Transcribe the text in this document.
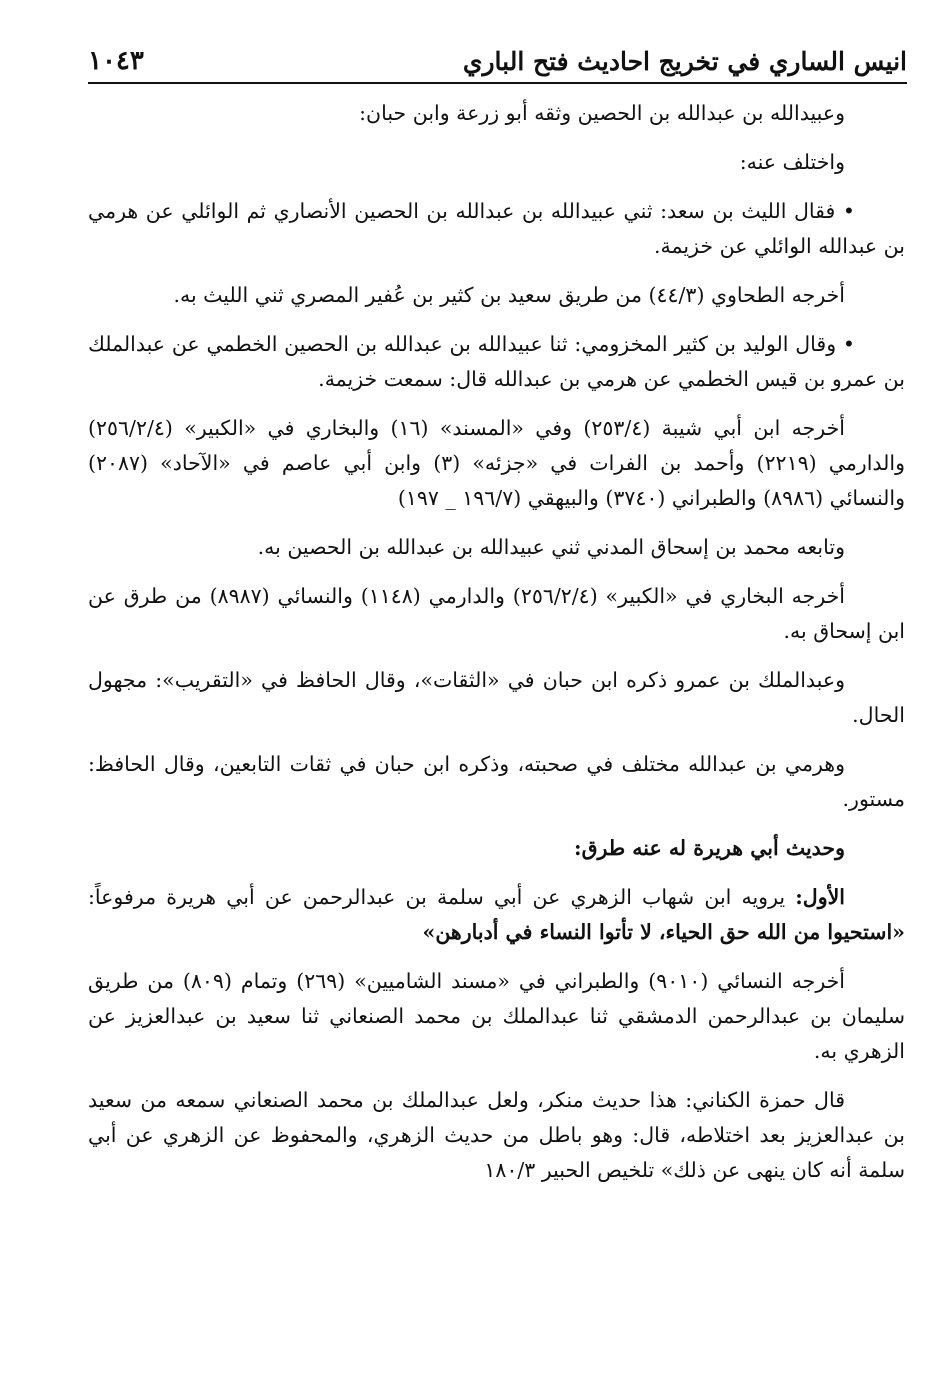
انيس الساري في تخريج احاديث فتح الباري
١٠٤٣

وعبيدالله بن عبدالله بن الحصين وثقه أبو زرعة وابن حبان:

واختلف عنه:

• فقال الليث بن سعد: ثني عبيدالله بن عبدالله بن الحصين الأنصاري ثم الوائلي عن هرمي بن عبدالله الوائلي عن خزيمة.

أخرجه الطحاوي (٤٤/٣) من طريق سعيد بن كثير بن عُفير المصري ثني الليث به.

• وقال الوليد بن كثير المخزومي: ثنا عبيدالله بن عبدالله بن الحصين الخطمي عن عبدالملك بن عمرو بن قيس الخطمي عن هرمي بن عبدالله قال: سمعت خزيمة.

أخرجه ابن أبي شيبة (٢٥٣/٤) وفي «المسند» (١٦) والبخاري في «الكبير» (٢٥٦/٢/٤) والدارمي (٢٢١٩) وأحمد بن الفرات في «جزئه» (٣) وابن أبي عاصم في «الآحاد» (٢٠٨٧) والنسائي (٨٩٨٦) والطبراني (٣٧٤٠) والبيهقي (١٩٦/٧ _ ١٩٧)

وتابعه محمد بن إسحاق المدني ثني عبيدالله بن عبدالله بن الحصين به.

أخرجه البخاري في «الكبير» (٢٥٦/٢/٤) والدارمي (١١٤٨) والنسائي (٨٩٨٧) من طرق عن ابن إسحاق به.

وعبدالملك بن عمرو ذكره ابن حبان في «الثقات»، وقال الحافظ في «التقريب»: مجهول الحال.

وهرمي بن عبدالله مختلف في صحبته، وذكره ابن حبان في ثقات التابعين، وقال الحافظ: مستور.

وحديث أبي هريرة له عنه طرق:

الأول: يرويه ابن شهاب الزهري عن أبي سلمة بن عبدالرحمن عن أبي هريرة مرفوعاً: «استحيوا من الله حق الحياء، لا تأتوا النساء في أدبارهن»

أخرجه النسائي (٩٠١٠) والطبراني في «مسند الشاميين» (٢٦٩) وتمام (٨٠٩) من طريق سليمان بن عبدالرحمن الدمشقي ثنا عبدالملك بن محمد الصنعاني ثنا سعيد بن عبدالعزيز عن الزهري به.

قال حمزة الكناني: هذا حديث منكر، ولعل عبدالملك بن محمد الصنعاني سمعه من سعيد بن عبدالعزيز بعد اختلاطه، قال: وهو باطل من حديث الزهري، والمحفوظ عن الزهري عن أبي سلمة أنه كان ينهى عن ذلك» تلخيص الحبير ١٨٠/٣
